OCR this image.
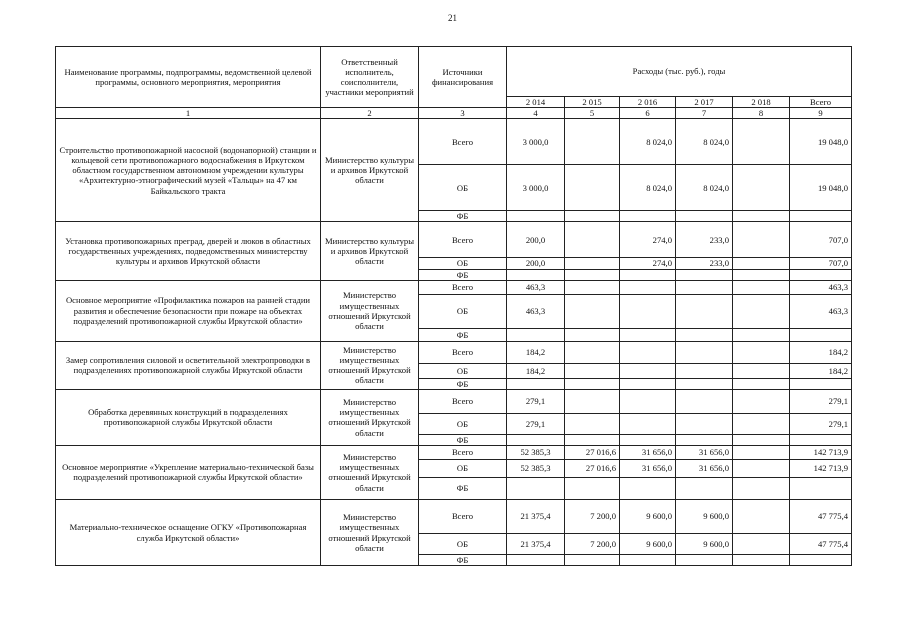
21
Наименование программы, подпрограммы, ведомственной целевой программы, основного мероприятия, мероприятия	Ответственный исполнитель, соисполнители, участники мероприятий	Источники финансирования	Расходы (тыс. руб.), годы					
			2 014	2 015	2 016	2 017	2 018	Всего
1	2	3	4	5	6	7	8	9
Строительство противопожарной насосной (водонапорной) станции и кольцевой сети противопожарного водоснабжения в Иркутском областном государственном автономном учреждении культуры «Архитектурно-этнографический музей «Тальцы» на 47 км Байкальского тракта	Министерство культуры и архивов Иркутской области	Всего	3 000,0		8 024,0	8 024,0		19 048,0
		ОБ	3 000,0		8 024,0	8 024,0		19 048,0
		ФБ						
Установка противопожарных преград, дверей и люков в областных государственных учреждениях, подведомственных министерству культуры и архивов Иркутской области	Министерство культуры и архивов Иркутской области	Всего	200,0		274,0	233,0		707,0
		ОБ	200,0		274,0	233,0		707,0
		ФБ						
Основное мероприятие «Профилактика пожаров на ранней стадии развития и обеспечение безопасности при пожаре на объектах подразделений противопожарной службы Иркутской области»	Министерство имущественных отношений Иркутской области	Всего	463,3					463,3
		ОБ	463,3					463,3
		ФБ						
Замер сопротивления силовой и осветительной электропроводки в подразделениях противопожарной службы Иркутской области	Министерство имущественных отношений Иркутской области	Всего	184,2					184,2
		ОБ	184,2					184,2
		ФБ						
Обработка деревянных конструкций в подразделениях противопожарной службы Иркутской области	Министерство имущественных отношений Иркутской области	Всего	279,1					279,1
		ОБ	279,1					279,1
		ФБ						
Основное мероприятие «Укрепление материально-технической базы подразделений противопожарной службы Иркутской области»	Министерство имущественных отношений Иркутской области	Всего	52 385,3	27 016,6	31 656,0	31 656,0		142 713,9
		ОБ	52 385,3	27 016,6	31 656,0	31 656,0		142 713,9
		ФБ						
Материально-техническое оснащение ОГКУ «Противопожарная служба Иркутской области»	Министерство имущественных отношений Иркутской области	Всего	21 375,4	7 200,0	9 600,0	9 600,0		47 775,4
		ОБ	21 375,4	7 200,0	9 600,0	9 600,0		47 775,4
		ФБ						
